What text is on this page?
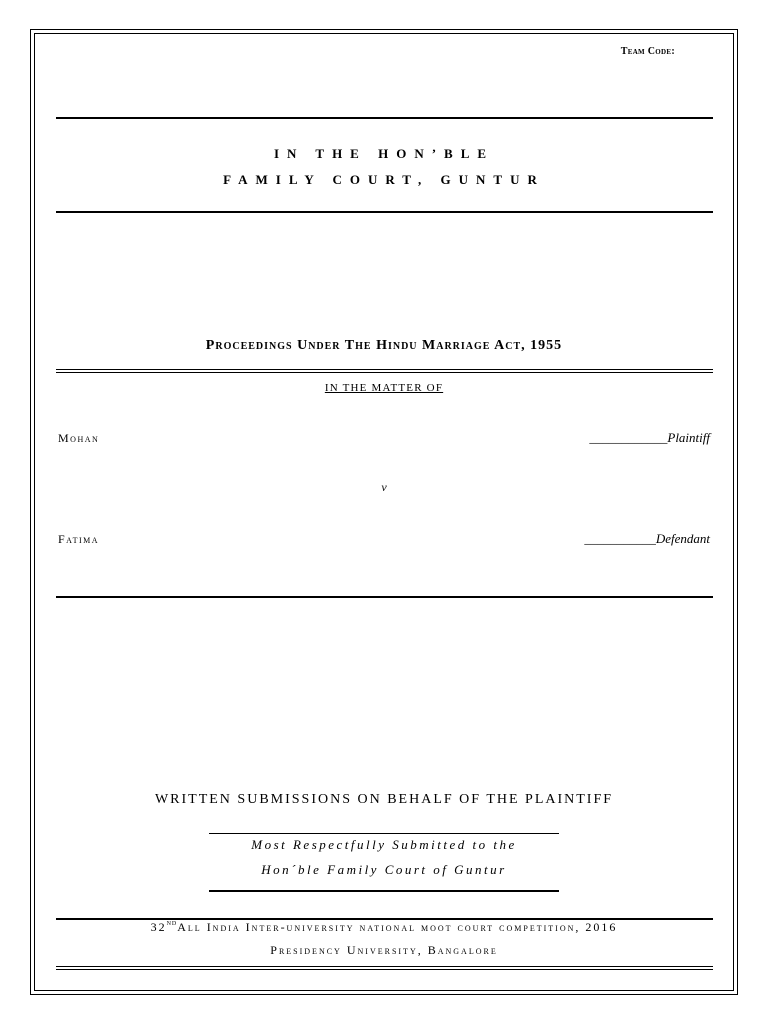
Team Code:
IN THE HON’BLE
FAMILY COURT, GUNTUR
Proceedings Under The Hindu Marriage Act, 1955
IN THE MATTER OF
Mohan	____________Plaintiff
v
Fatima	___________Defendant
WRITTEN SUBMISSIONS ON BEHALF OF THE PLAINTIFF
Most Respectfully Submitted to the
Hon´ble Family Court of Guntur
32NDAll India Inter-university national moot court competition, 2016
Presidency University, Bangalore
